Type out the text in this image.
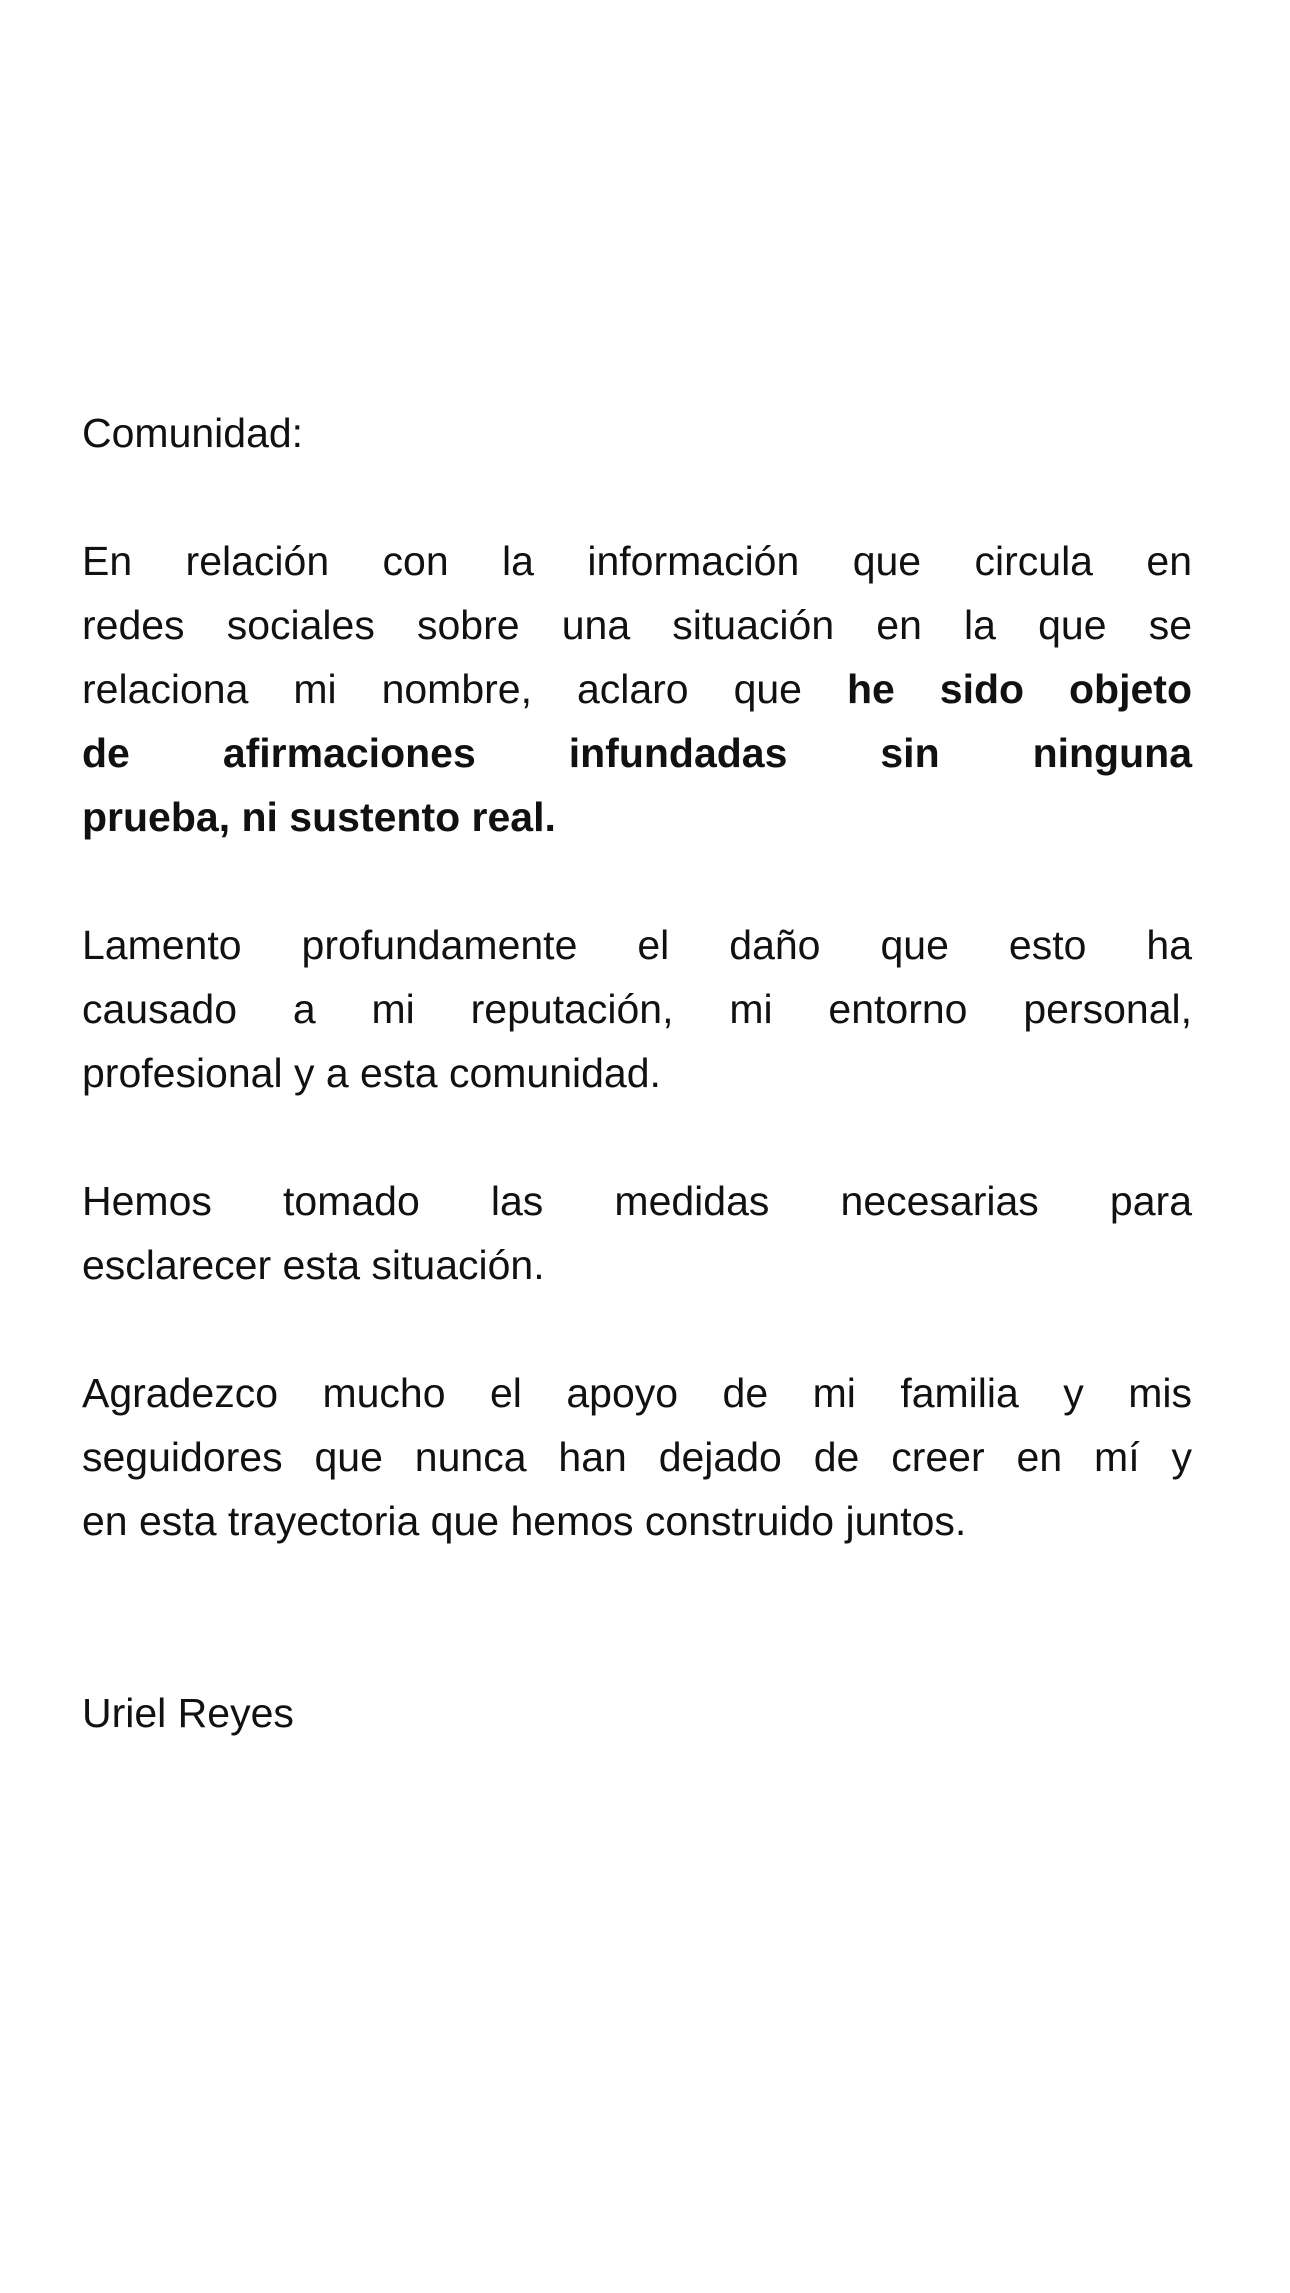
Comunidad:
En relación con la información que circula en
redes sociales sobre una situación en la que se
relaciona mi nombre, aclaro que he sido objeto
de afirmaciones infundadas sin ninguna
prueba, ni sustento real.
Lamento profundamente el daño que esto ha
causado a mi reputación, mi entorno personal,
profesional y a esta comunidad.
Hemos tomado las medidas necesarias para
esclarecer esta situación.
Agradezco mucho el apoyo de mi familia y mis
seguidores que nunca han dejado de creer en mí y
en esta trayectoria que hemos construido juntos.
Uriel Reyes
